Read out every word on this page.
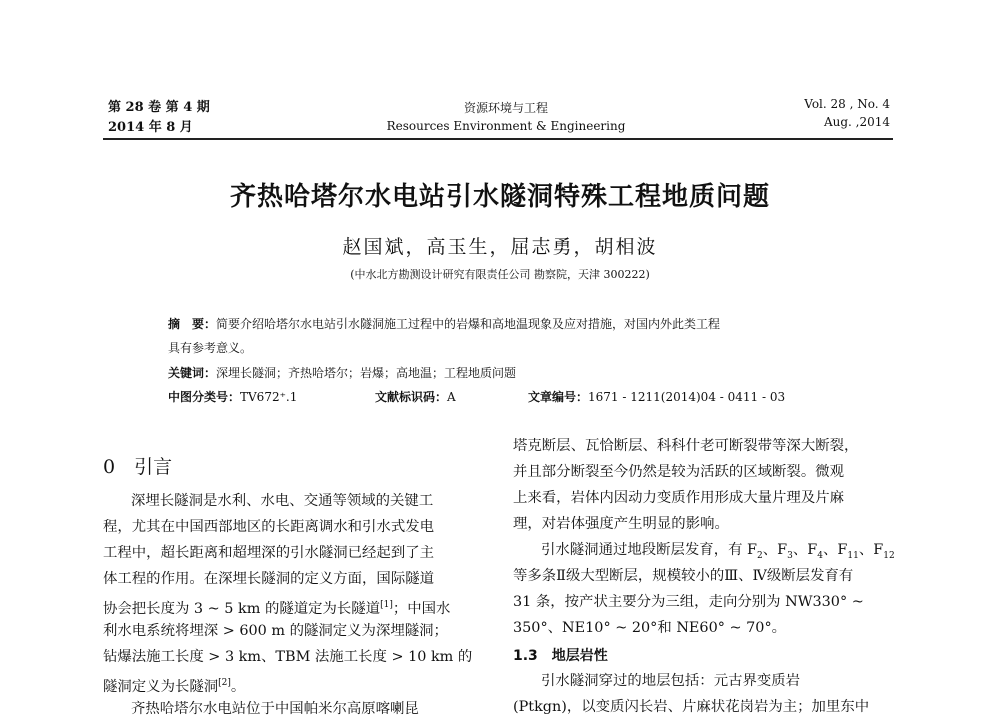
第 28 卷 第 4 期
2014 年 8 月
资源环境与工程
Resources Environment & Engineering
Vol. 28 , No. 4
Aug. ,2014
齐热哈塔尔水电站引水隧洞特殊工程地质问题
赵国斌，高玉生，屈志勇，胡相波
(中水北方勘测设计研究有限责任公司 勘察院，天津 300222)
摘　要：简要介绍哈塔尔水电站引水隧洞施工过程中的岩爆和高地温现象及应对措施，对国内外此类工程
具有参考意义。
关键词：深埋长隧洞；齐热哈塔尔；岩爆；高地温；工程地质问题
中图分类号：TV672⁺.1	文献标识码：A	文章编号：1671 - 1211(2014)04 - 0411 - 03
0　引言
深埋长隧洞是水利、水电、交通等领域的关键工
程，尤其在中国西部地区的长距离调水和引水式发电
工程中，超长距离和超埋深的引水隧洞已经起到了主
体工程的作用。在深埋长隧洞的定义方面，国际隧道
协会把长度为 3 ~ 5 km 的隧道定为长隧道[1]；中国水
利水电系统将埋深 > 600 m 的隧洞定义为深埋隧洞；
钻爆法施工长度 > 3 km、TBM 法施工长度 > 10 km 的
隧洞定义为长隧洞[2]。
齐热哈塔尔水电站位于中国帕米尔高原喀喇昆
塔克断层、瓦恰断层、科科什老可断裂带等深大断裂，
并且部分断裂至今仍然是较为活跃的区域断裂。微观
上来看，岩体内因动力变质作用形成大量片理及片麻
理，对岩体强度产生明显的影响。
引水隧洞通过地段断层发育，有 $F_2$、$F_3$、$F_4$、$F_{11}$、$F_{12}$
等多条Ⅱ级大型断层，规模较小的Ⅲ、Ⅳ级断层发育有
31 条，按产状主要分为三组，走向分别为 NW330° ~
350°、NE10° ~ 20°和 NE60° ~ 70°。
1.3　地层岩性
引水隧洞穿过的地层包括：元古界变质岩
(Ptkgn)，以变质闪长岩、片麻状花岗岩为主；加里东中
